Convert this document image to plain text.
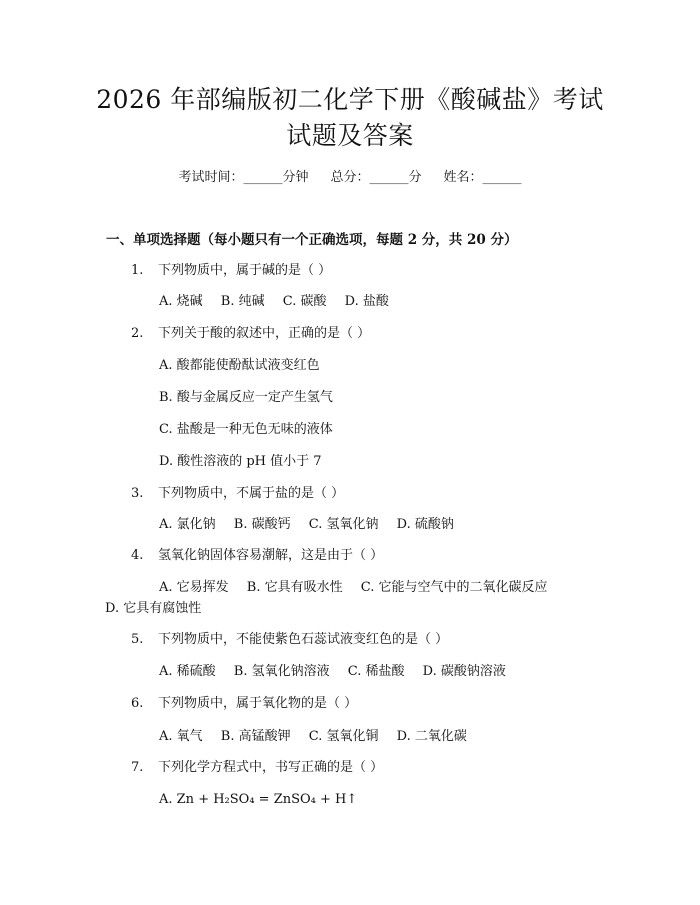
2026 年部编版初二化学下册《酸碱盐》考试
试题及答案
考试时间：______分钟 总分：______分 姓名：______
一、单项选择题（每小题只有一个正确选项，每题 2 分，共 20 分）
1. 下列物质中，属于碱的是（ ）
A. 烧碱 B. 纯碱 C. 碳酸 D. 盐酸
2. 下列关于酸的叙述中，正确的是（ ）
A. 酸都能使酚酞试液变红色
B. 酸与金属反应一定产生氢气
C. 盐酸是一种无色无味的液体
D. 酸性溶液的 pH 值小于 7
3. 下列物质中，不属于盐的是（ ）
A. 氯化钠 B. 碳酸钙 C. 氢氧化钠 D. 硫酸钠
4. 氢氧化钠固体容易潮解，这是由于（ ）
A. 它易挥发 B. 它具有吸水性 C. 它能与空气中的二氧化碳反应
D. 它具有腐蚀性
5. 下列物质中，不能使紫色石蕊试液变红色的是（ ）
A. 稀硫酸 B. 氢氧化钠溶液 C. 稀盐酸 D. 碳酸钠溶液
6. 下列物质中，属于氧化物的是（ ）
A. 氧气 B. 高锰酸钾 C. 氢氧化铜 D. 二氧化碳
7. 下列化学方程式中，书写正确的是（ ）
A. Zn + H₂SO₄ = ZnSO₄ + H↑
